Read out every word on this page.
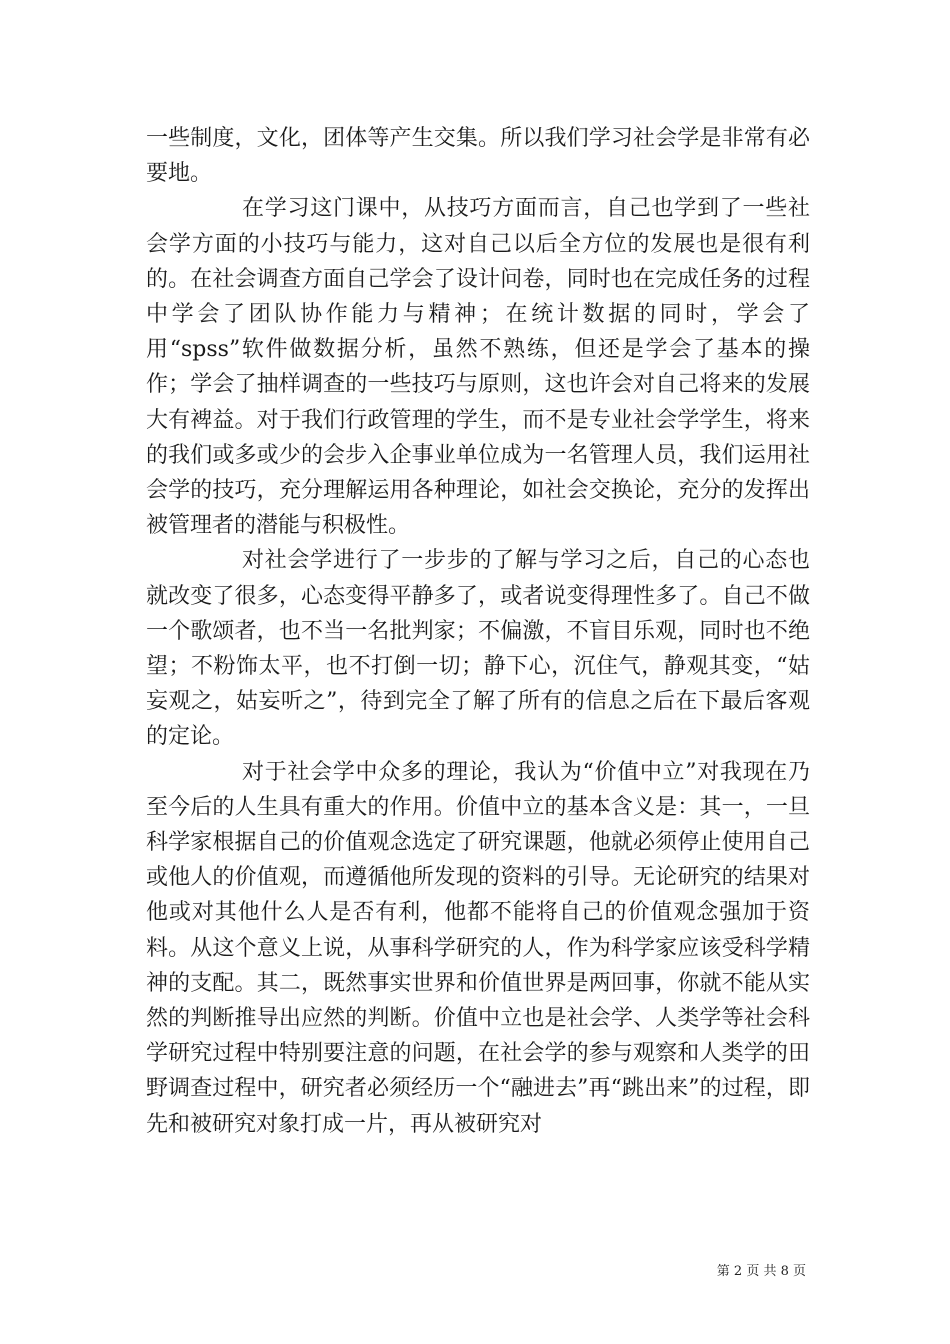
一些制度，文化，团体等产生交集。所以我们学习社会学是非常有必要地。

在学习这门课中，从技巧方面而言，自己也学到了一些社会学方面的小技巧与能力，这对自己以后全方位的发展也是很有利的。在社会调查方面自己学会了设计问卷，同时也在完成任务的过程中学会了团队协作能力与精神；在统计数据的同时，学会了用“spss”软件做数据分析，虽然不熟练，但还是学会了基本的操作；学会了抽样调查的一些技巧与原则，这也许会对自己将来的发展大有裨益。对于我们行政管理的学生，而不是专业社会学学生，将来的我们或多或少的会步入企事业单位成为一名管理人员，我们运用社会学的技巧，充分理解运用各种理论，如社会交换论，充分的发挥出被管理者的潜能与积极性。

对社会学进行了一步步的了解与学习之后，自己的心态也就改变了很多，心态变得平静多了，或者说变得理性多了。自己不做一个歌颂者，也不当一名批判家；不偏激，不盲目乐观，同时也不绝望；不粉饰太平，也不打倒一切；静下心，沉住气，静观其变，“姑妄观之，姑妄听之”，待到完全了解了所有的信息之后在下最后客观的定论。

对于社会学中众多的理论，我认为“价值中立”对我现在乃至今后的人生具有重大的作用。价值中立的基本含义是：其一，一旦科学家根据自己的价值观念选定了研究课题，他就必须停止使用自己或他人的价值观，而遵循他所发现的资料的引导。无论研究的结果对他或对其他什么人是否有利，他都不能将自己的价值观念强加于资料。从这个意义上说，从事科学研究的人，作为科学家应该受科学精神的支配。其二，既然事实世界和价值世界是两回事，你就不能从实然的判断推导出应然的判断。价值中立也是社会学、人类学等社会科学研究过程中特别要注意的问题，在社会学的参与观察和人类学的田野调查过程中，研究者必须经历一个“融进去”再“跳出来”的过程，即先和被研究对象打成一片，再从被研究对

第 2 页 共 8 页
